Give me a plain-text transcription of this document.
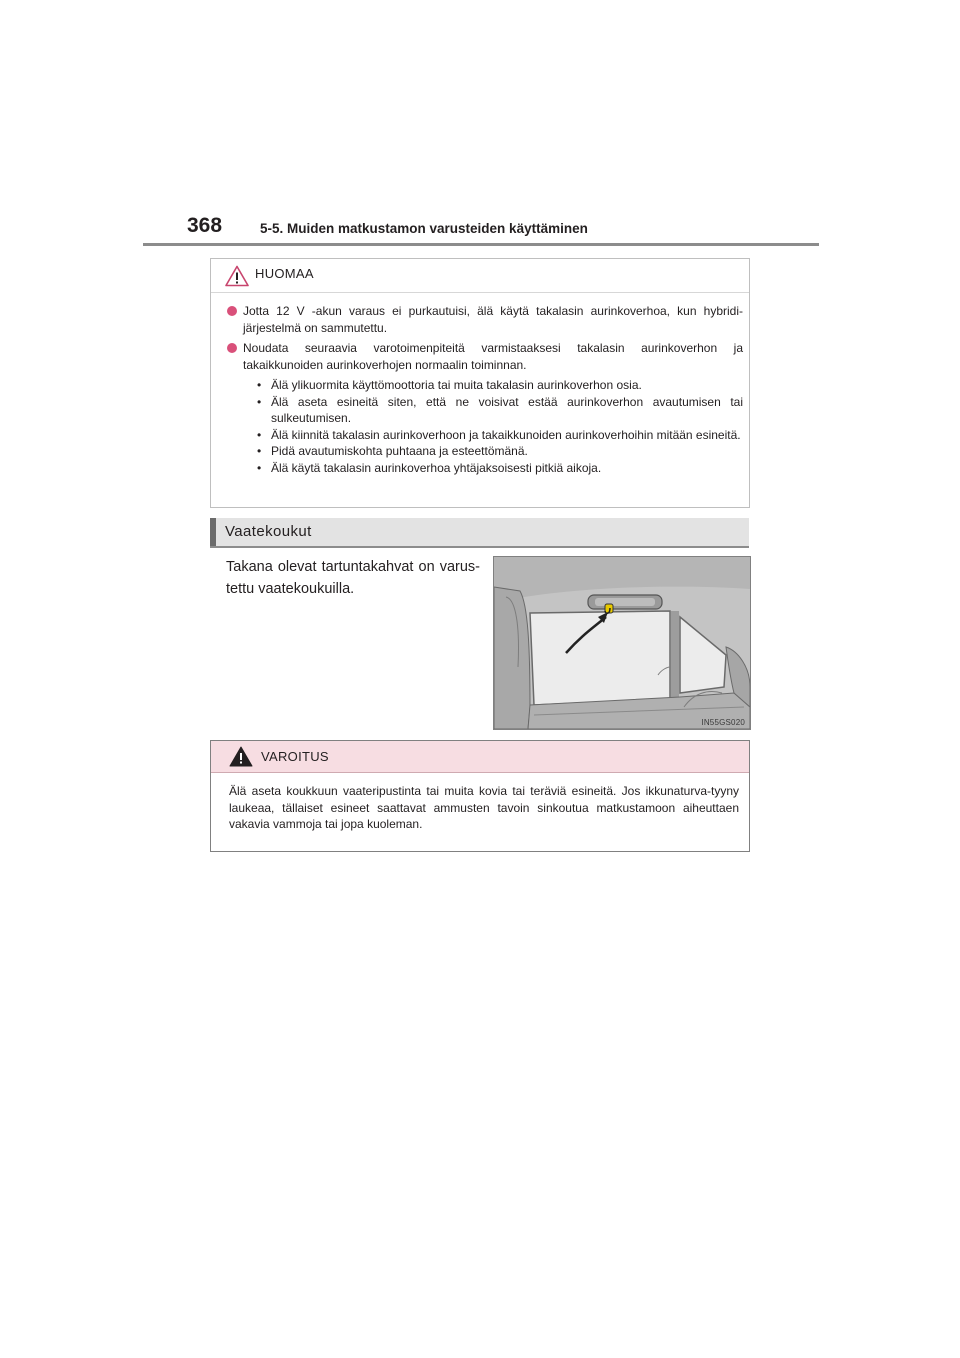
368	5-5. Muiden matkustamon varusteiden käyttäminen
HUOMAA
Jotta 12 V -akun varaus ei purkautuisi, älä käytä takalasin aurinkoverhoa, kun hybridi-järjestelmä on sammutettu.
Noudata seuraavia varotoimenpiteitä varmistaaksesi takalasin aurinkoverhon ja takaikkunoiden aurinkoverhojen normaalin toiminnan.
• Älä ylikuormita käyttömoottoria tai muita takalasin aurinkoverhon osia.
• Älä aseta esineitä siten, että ne voisivat estää aurinkoverhon avautumisen tai sulkeutumisen.
• Älä kiinnitä takalasin aurinkoverhoon ja takaikkunoiden aurinkoverhoihin mitään esineitä.
• Pidä avautumiskohta puhtaana ja esteettömänä.
• Älä käytä takalasin aurinkoverhoa yhtäjaksoisesti pitkiä aikoja.
Vaatekoukut
Takana olevat tartuntakahvat on varus-tettu vaatekoukuilla.
IN55GS020
VAROITUS
Älä aseta koukkuun vaateripustinta tai muita kovia tai teräviä esineitä. Jos ikkunaturva-tyyny laukeaa, tällaiset esineet saattavat ammusten tavoin sinkoutua matkustamoon aiheuttaen vakavia vammoja tai jopa kuoleman.
